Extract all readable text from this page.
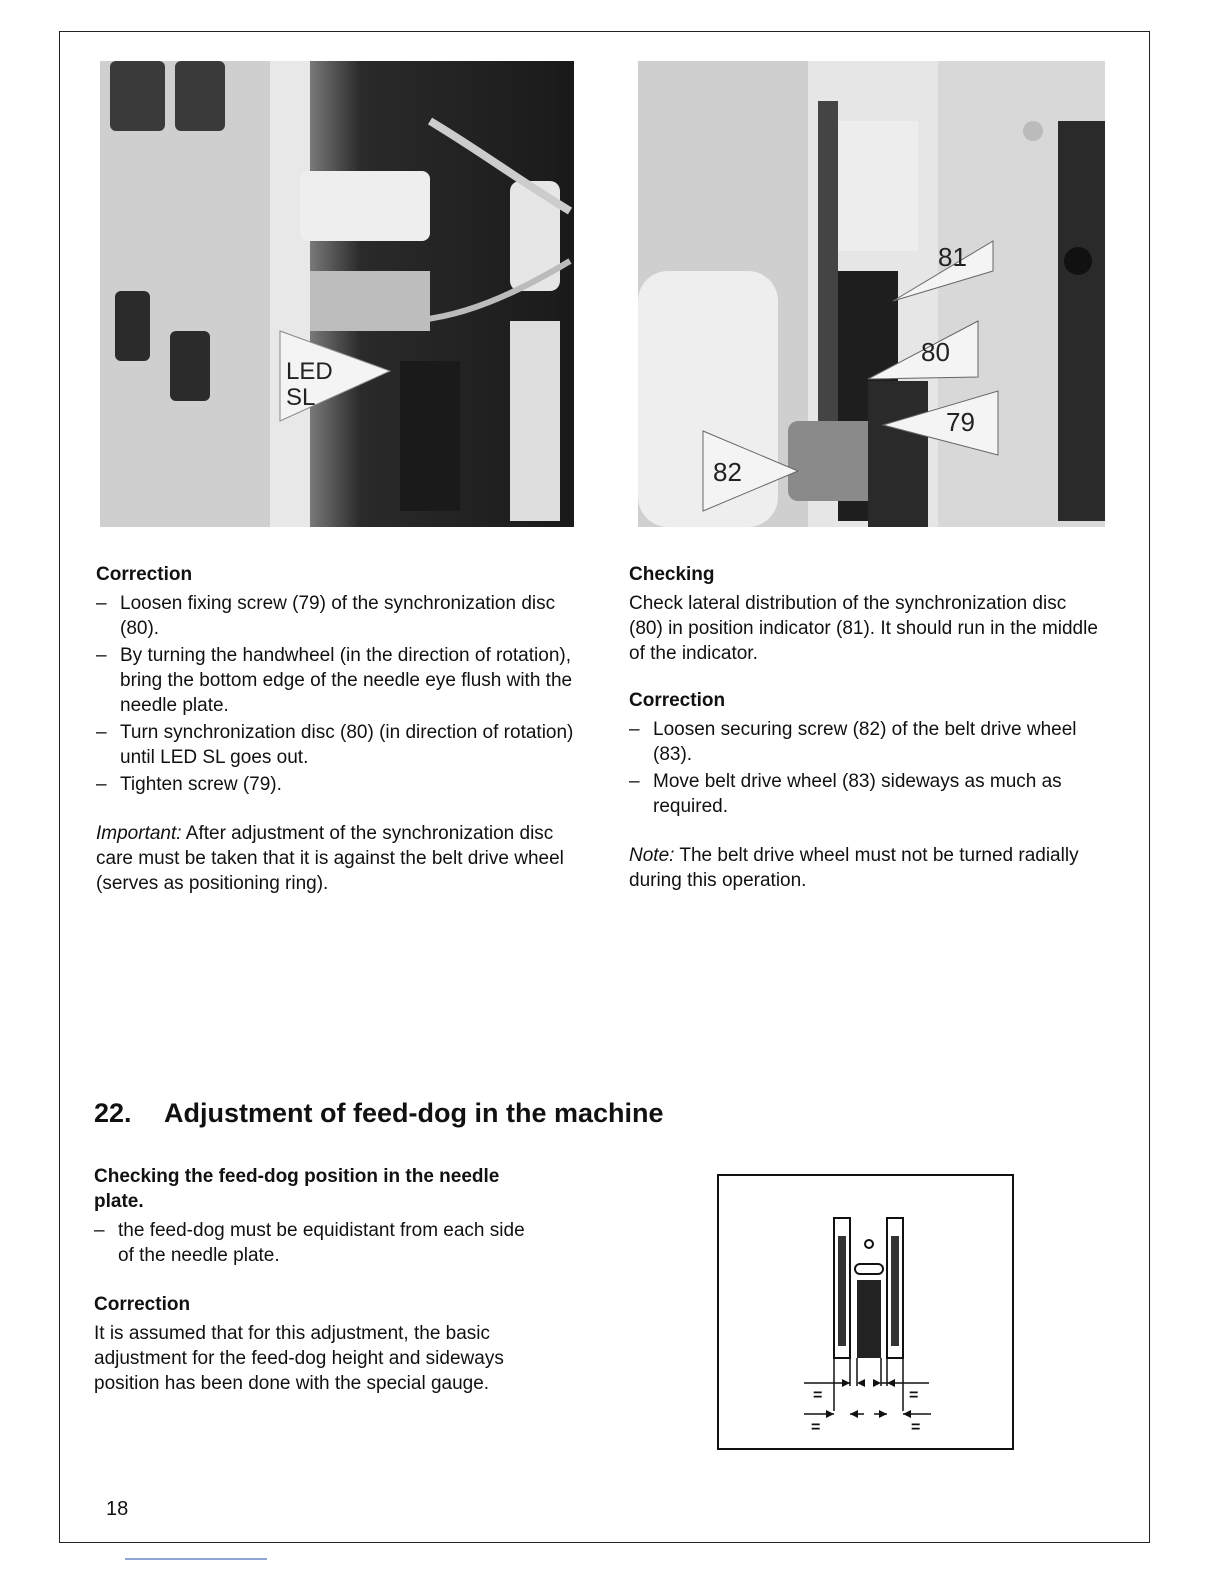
LED
SL
81
80
79
82
Correction
– Loosen fixing screw (79) of the synchronization disc (80).
– By turning the handwheel (in the direction of rotation), bring the bottom edge of the needle eye flush with the needle plate.
– Turn synchronization disc (80) (in direction of rotation) until LED SL goes out.
– Tighten screw (79).

Important: After adjustment of the synchronization disc care must be taken that it is against the belt drive wheel (serves as positioning ring).

Checking

Check lateral distribution of the synchronization disc (80) in position indicator (81). It should run in the middle of the indicator.

Correction
– Loosen securing screw (82) of the belt drive wheel (83).
– Move belt drive wheel (83) sideways as much as required.

Note: The belt drive wheel must not be turned radially during this operation.

22.	Adjustment of feed-dog in the machine
Checking the feed-dog position in the needle plate.
– the feed-dog must be equidistant from each side of the needle plate.
Correction

It is assumed that for this adjustment, the basic adjustment for the feed-dog height and sideways position has been done with the special gauge.

=	=
=	=
18
